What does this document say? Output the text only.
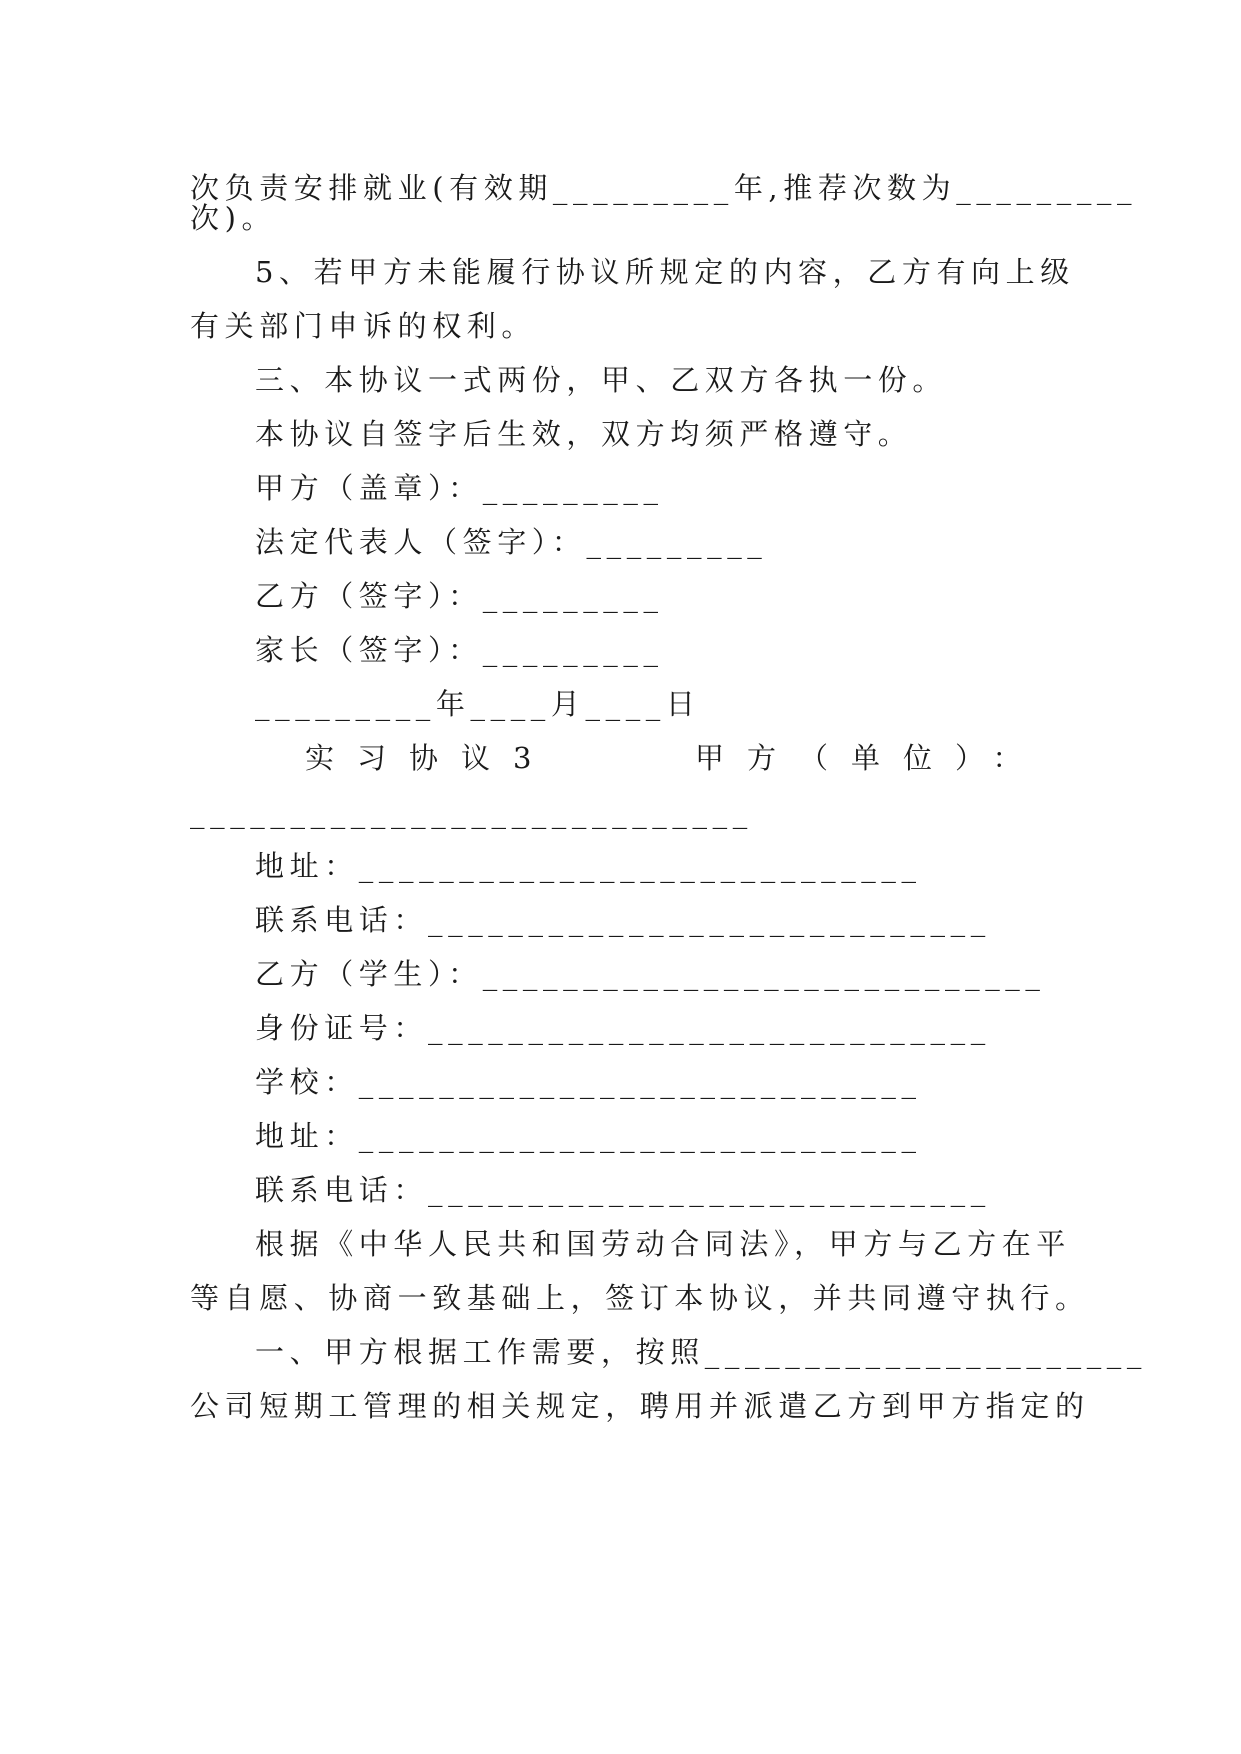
次负责安排就业(有效期_________年,推荐次数为_________
次)。
5、若甲方未能履行协议所规定的内容，乙方有向上级
有关部门申诉的权利。
三、本协议一式两份，甲、乙双方各执一份。
本协议自签字后生效，双方均须严格遵守。
甲方（盖章）：_________
法定代表人（签字）：_________
乙方（签字）：_________
家长（签字）：_________
_________年____月____日
实习协议3	甲方（单位）：
____________________________
地址：____________________________
联系电话：____________________________
乙方（学生）：____________________________
身份证号：____________________________
学校：____________________________
地址：____________________________
联系电话：____________________________
根据《中华人民共和国劳动合同法》，甲方与乙方在平
等自愿、协商一致基础上，签订本协议，并共同遵守执行。
一、甲方根据工作需要，按照______________________
公司短期工管理的相关规定，聘用并派遣乙方到甲方指定的
